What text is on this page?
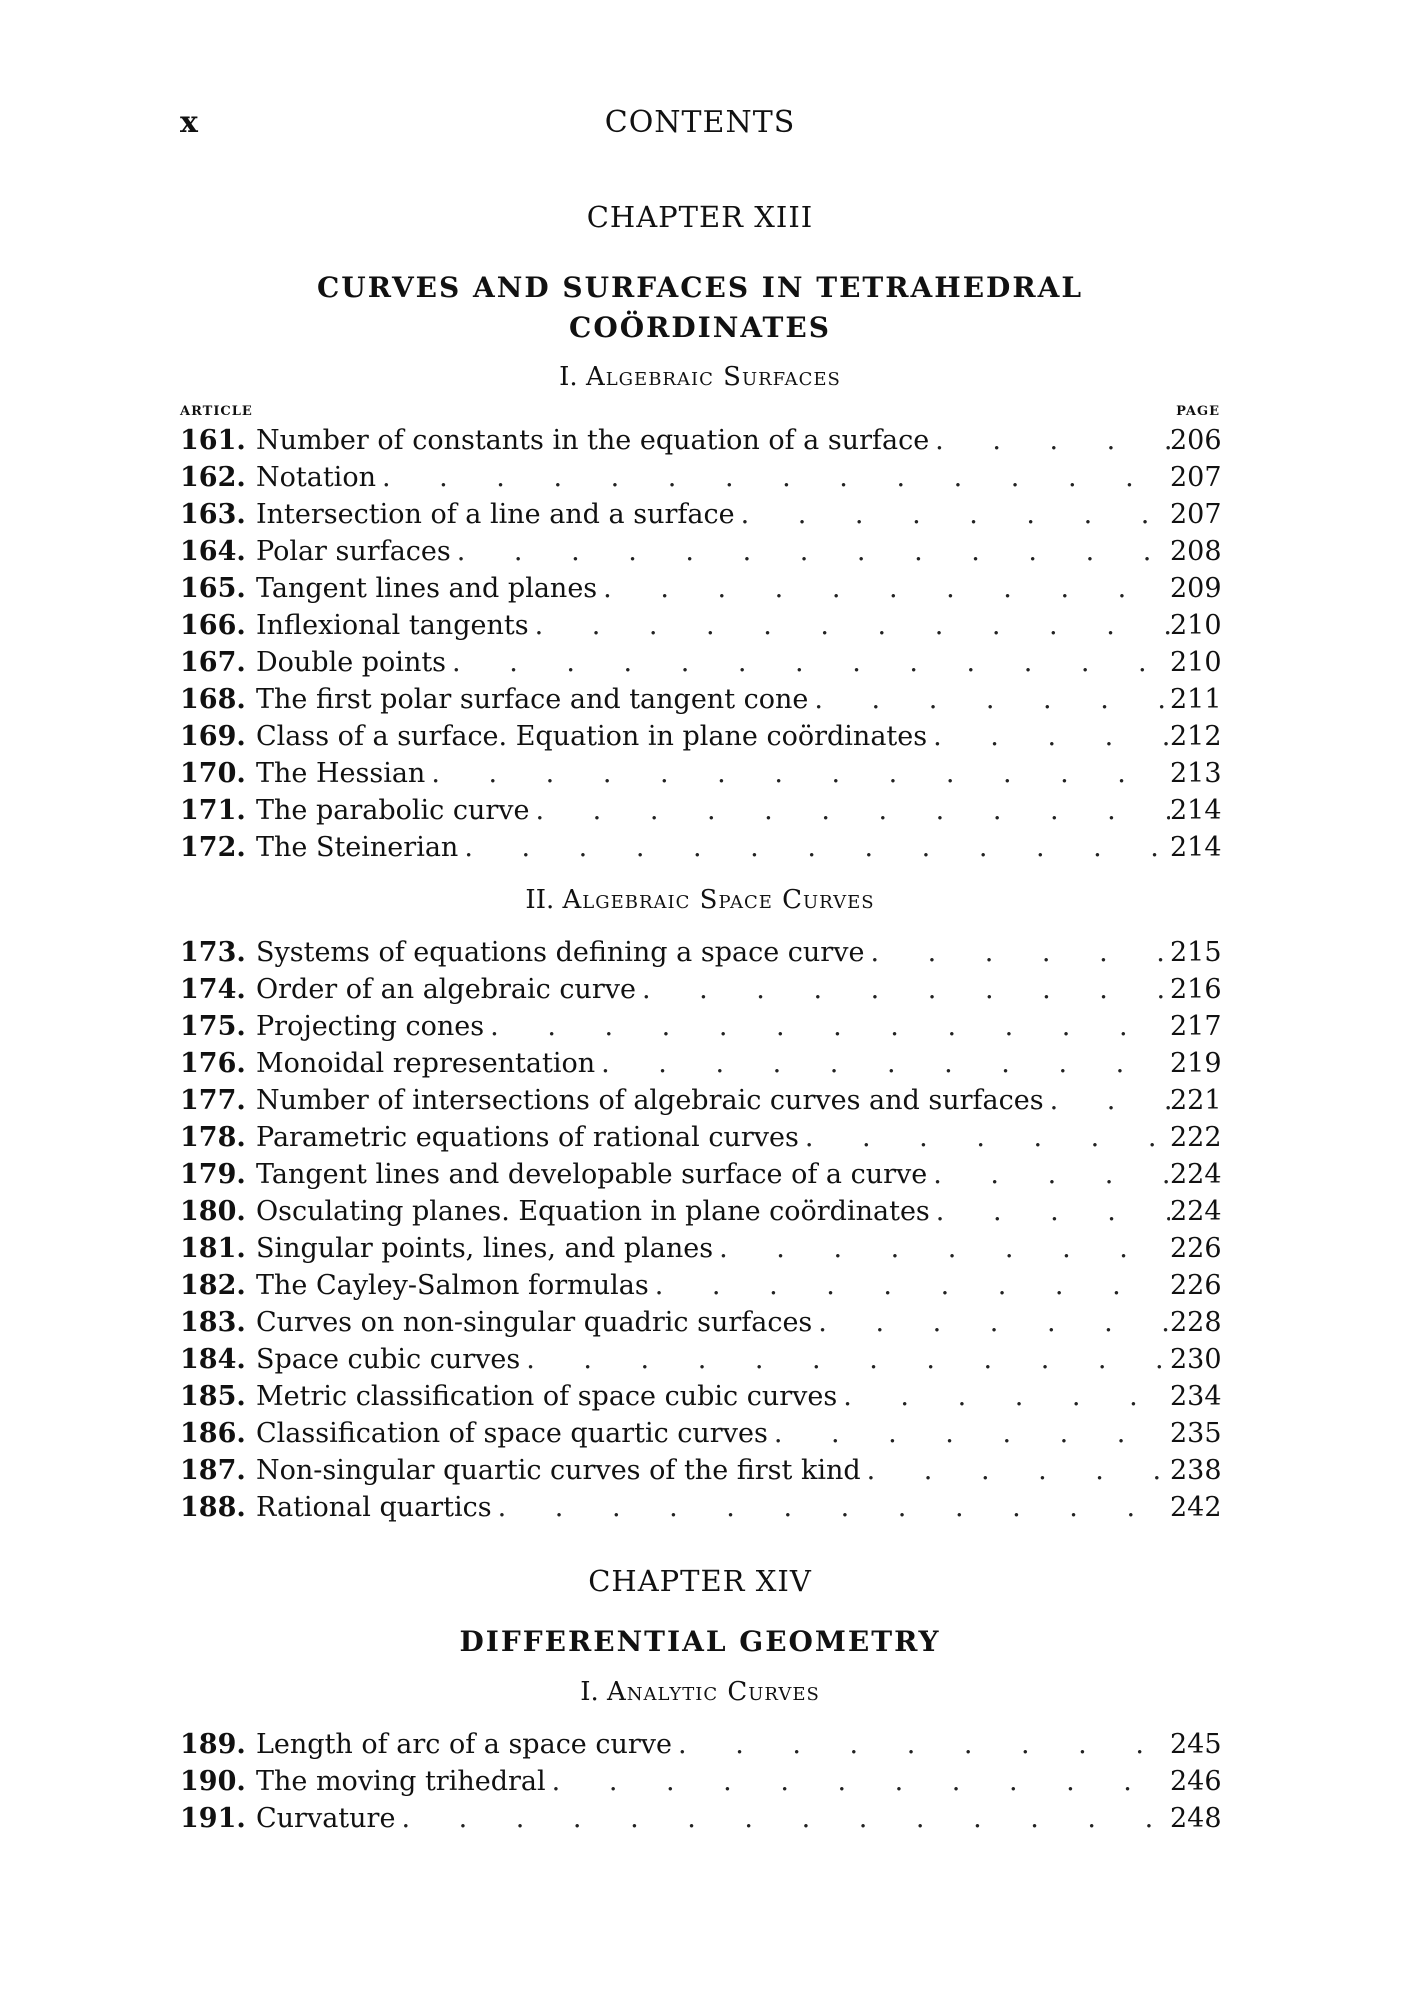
x	CONTENTS
CHAPTER XIII
CURVES AND SURFACES IN TETRAHEDRAL
COÖRDINATES
I. Algebraic Surfaces
ARTICLE	PAGE
161. Number of constants in the equation of a surface . . .	206
162. Notation . . .	207
163. Intersection of a line and a surface . . .	207
164. Polar surfaces . . .	208
165. Tangent lines and planes . . .	209
166. Inflexional tangents . . .	210
167. Double points . . .	210
168. The first polar surface and tangent cone . . .	211
169. Class of a surface. Equation in plane coördinates . . .	212
170. The Hessian . . .	213
171. The parabolic curve . . .	214
172. The Steinerian . . .	214
II. Algebraic Space Curves
173. Systems of equations defining a space curve . . .	215
174. Order of an algebraic curve . . .	216
175. Projecting cones . . .	217
176. Monoidal representation . . .	219
177. Number of intersections of algebraic curves and surfaces . . .	221
178. Parametric equations of rational curves . . .	222
179. Tangent lines and developable surface of a curve . . .	224
180. Osculating planes. Equation in plane coördinates . . .	224
181. Singular points, lines, and planes . . .	226
182. The Cayley-Salmon formulas . . .	226
183. Curves on non-singular quadric surfaces . . .	228
184. Space cubic curves . . .	230
185. Metric classification of space cubic curves . . .	234
186. Classification of space quartic curves . . .	235
187. Non-singular quartic curves of the first kind . . .	238
188. Rational quartics . . .	242
CHAPTER XIV
DIFFERENTIAL GEOMETRY
I. Analytic Curves
189. Length of arc of a space curve . . .	245
190. The moving trihedral . . .	246
191. Curvature . . .	248
